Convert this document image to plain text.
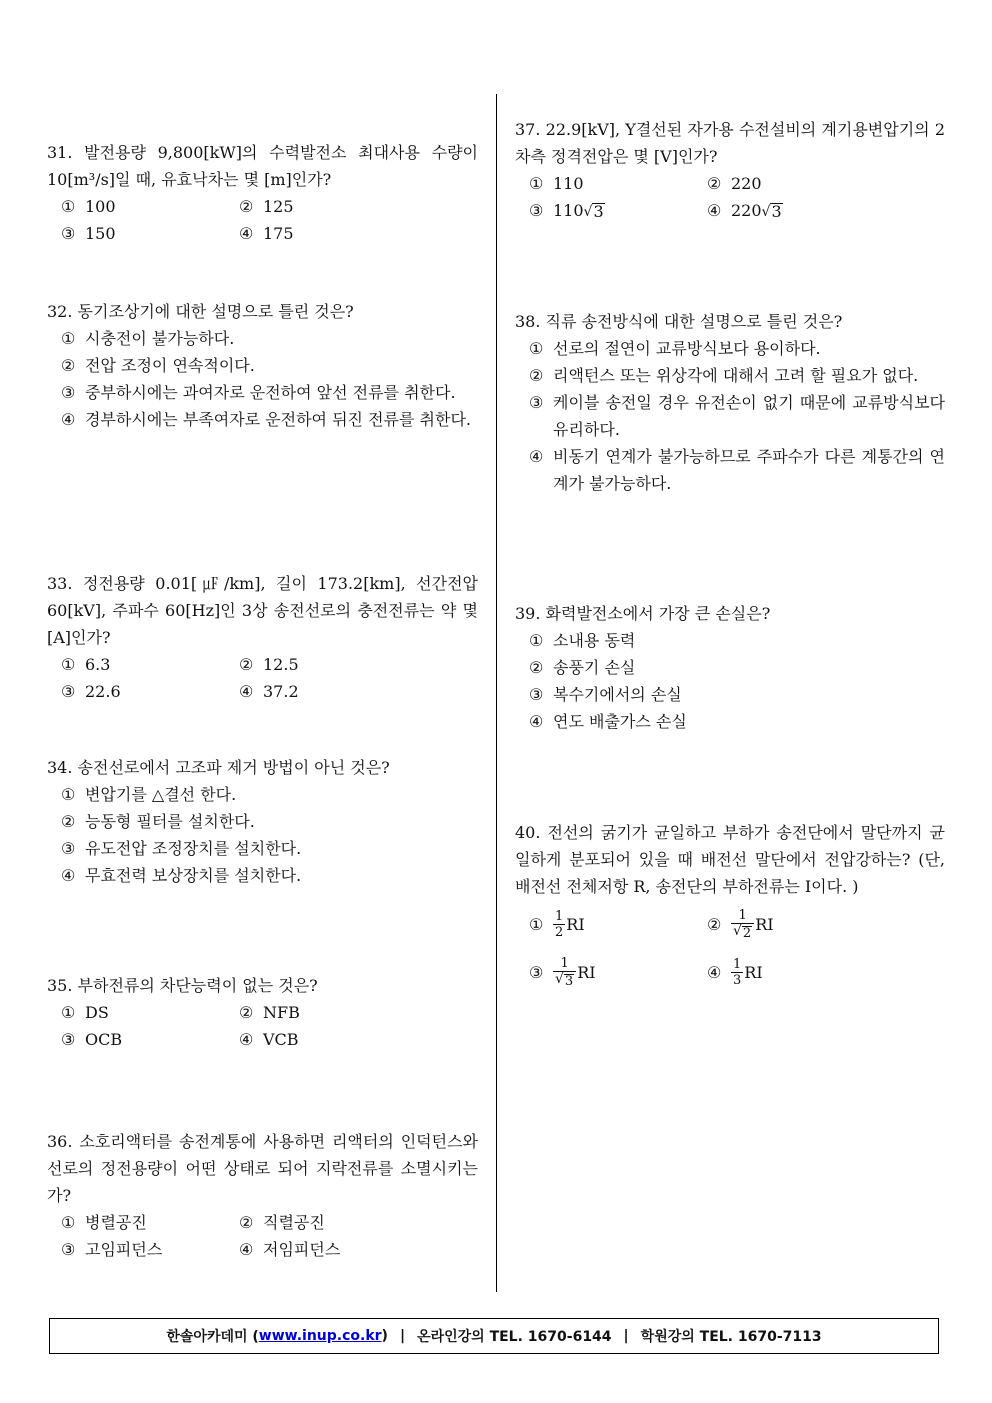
31. 발전용량 9,800[kW]의 수력발전소 최대사용 수량이 10[m³/s]일 때, 유효낙차는 몇 [m]인가?
① 100	② 125
③ 150	④ 175
32. 동기조상기에 대한 설명으로 틀린 것은?
① 시충전이 불가능하다.
② 전압 조정이 연속적이다.
③ 중부하시에는 과여자로 운전하여 앞선 전류를 취한다.
④ 경부하시에는 부족여자로 운전하여 뒤진 전류를 취한다.
33. 정전용량 0.01[㎌/km], 길이 173.2[km], 선간전압 60[kV], 주파수 60[Hz]인 3상 송전선로의 충전전류는 약 몇 [A]인가?
① 6.3	② 12.5
③ 22.6	④ 37.2
34. 송전선로에서 고조파 제거 방법이 아닌 것은?
① 변압기를 △결선 한다.
② 능동형 필터를 설치한다.
③ 유도전압 조정장치를 설치한다.
④ 무효전력 보상장치를 설치한다.
35. 부하전류의 차단능력이 없는 것은?
① DS	② NFB
③ OCB	④ VCB
36. 소호리액터를 송전계통에 사용하면 리액터의 인덕턴스와 선로의 정전용량이 어떤 상태로 되어 지락전류를 소멸시키는가?
① 병렬공진	② 직렬공진
③ 고임피던스	④ 저임피던스
37. 22.9[kV], Y결선된 자가용 수전설비의 계기용변압기의 2차측 정격전압은 몇 [V]인가?
① 110	② 220
③ 110 √ 3	④ 220 √ 3
38. 직류 송전방식에 대한 설명으로 틀린 것은?
① 선로의 절연이 교류방식보다 용이하다.
② 리액턴스 또는 위상각에 대해서 고려 할 필요가 없다.
③ 케이블 송전일 경우 유전손이 없기 때문에 교류방식보다 유리하다.
④ 비동기 연계가 불가능하므로 주파수가 다른 계통간의 연계가 불가능하다.
39. 화력발전소에서 가장 큰 손실은?
① 소내용 동력
② 송풍기 손실
③ 복수기에서의 손실
④ 연도 배출가스 손실
40. 전선의 굵기가 균일하고 부하가 송전단에서 말단까지 균일하게 분포되어 있을 때 배전선 말단에서 전압강하는? (단, 배전선 전체저항 R, 송전단의 부하전류는 I이다. )
① $\frac{1}{2}$ RI	② $\frac{1}{√ 2}$ RI
③ $\frac{1}{√ 3}$ RI	④ $\frac{1}{3}$ RI
한솔아카데미 ( www.inup.co.kr ) | 온라인강의 TEL. 1670-6144 | 학원강의 TEL. 1670-7113
